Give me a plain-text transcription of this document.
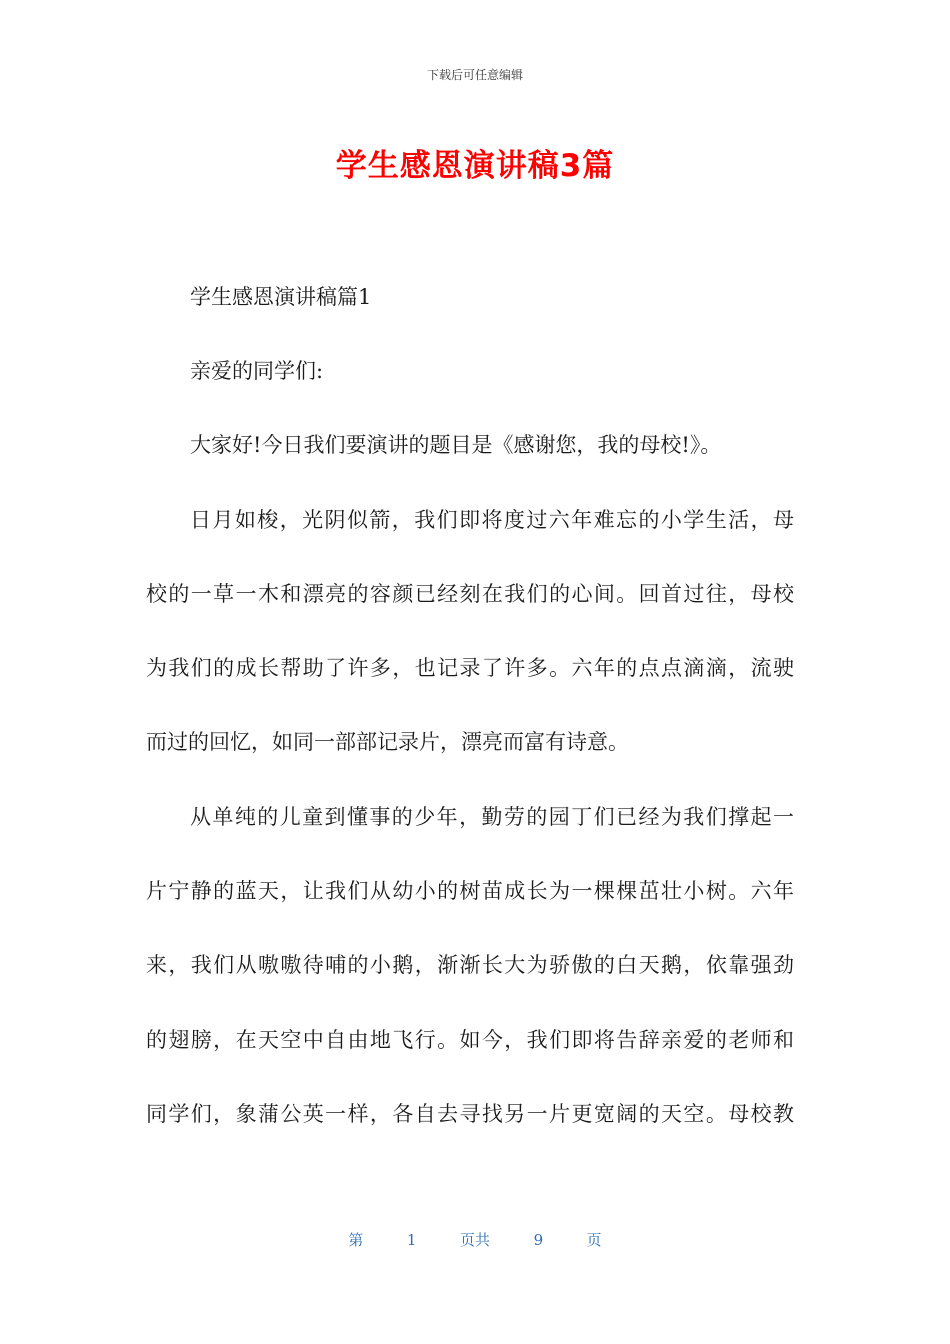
下载后可任意编辑
学生感恩演讲稿3篇
学生感恩演讲稿篇1
亲爱的同学们:
大家好!今日我们要演讲的题目是《感谢您，我的母校!》。
日月如梭，光阴似箭，我们即将度过六年难忘的小学生活，母
校的一草一木和漂亮的容颜已经刻在我们的心间。回首过往，母校
为我们的成长帮助了许多，也记录了许多。六年的点点滴滴，流驶
而过的回忆，如同一部部记录片，漂亮而富有诗意。
从单纯的儿童到懂事的少年，勤劳的园丁们已经为我们撑起一
片宁静的蓝天，让我们从幼小的树苗成长为一棵棵茁壮小树。六年
来，我们从嗷嗷待哺的小鹅，渐渐长大为骄傲的白天鹅，依靠强劲
的翅膀，在天空中自由地飞行。如今，我们即将告辞亲爱的老师和
同学们，象蒲公英一样，各自去寻找另一片更宽阔的天空。母校教
第	1	页共	9	页
